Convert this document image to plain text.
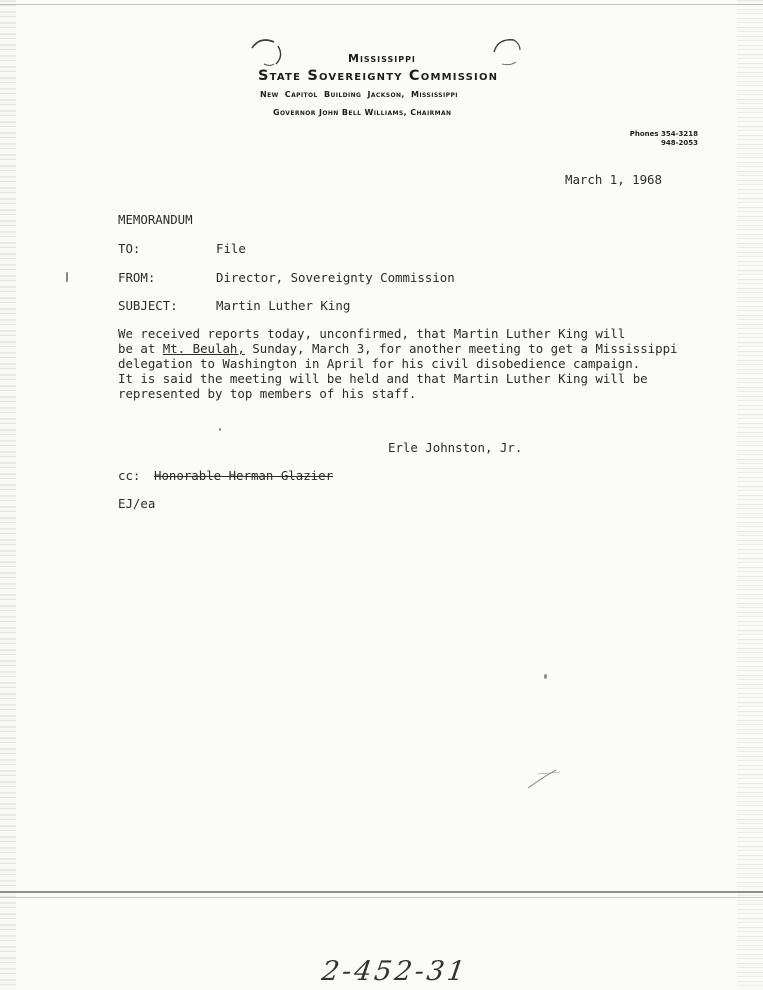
Mississippi
State Sovereignty Commission
New Capitol Building Jackson, Mississippi
Governor John Bell Williams, Chairman
Phones 354-3218
948-2053
March 1, 1968
MEMORANDUM
TO:	File
FROM:	Director, Sovereignty Commission
SUBJECT:	Martin Luther King
We received reports today, unconfirmed, that Martin Luther King will
be at Mt. Beulah, Sunday, March 3, for another meeting to get a Mississippi
delegation to Washington in April for his civil disobedience campaign.
It is said the meeting will be held and that Martin Luther King will be
represented by top members of his staff.
Erle Johnston, Jr.
cc: Honorable Herman Glazier
EJ/ea
2-452-31
